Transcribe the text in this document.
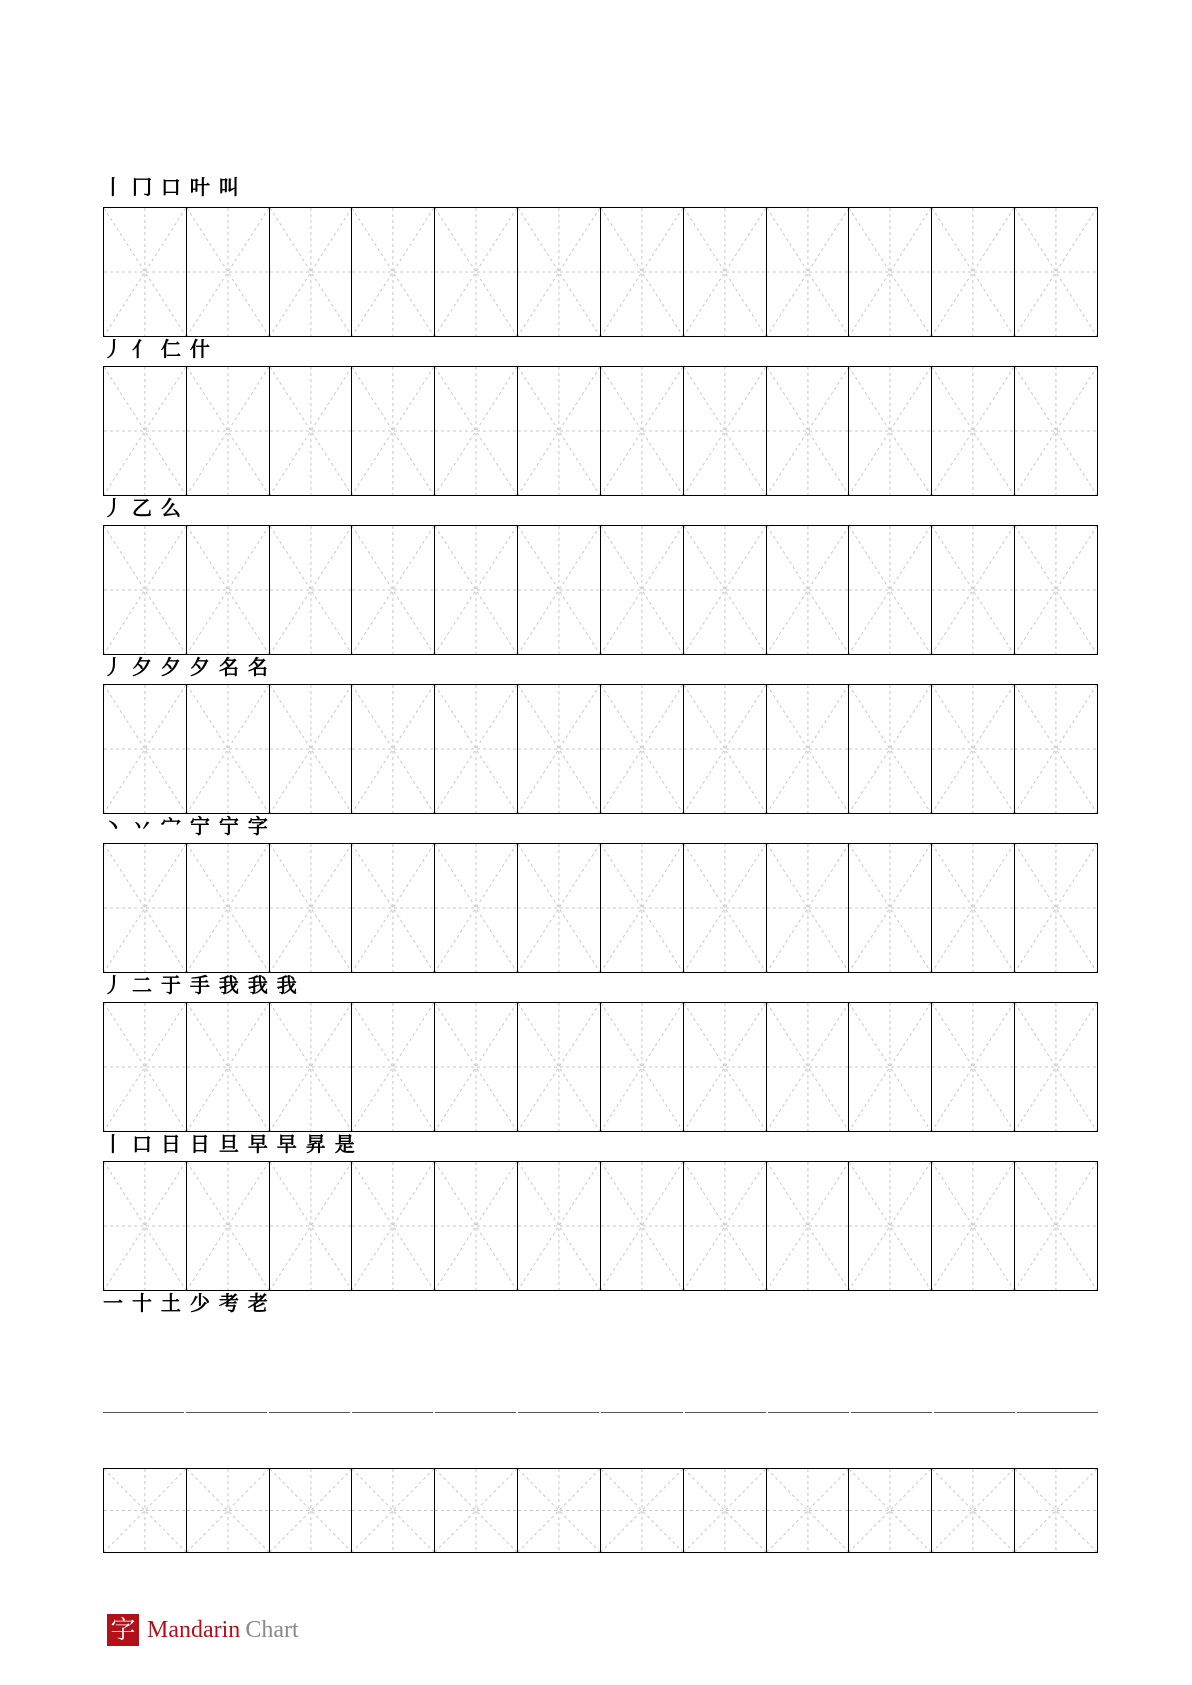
丨 ⼌ 口 叶 叫
丿 亻 仁 什
丿 乙 么
丿 夕 夕 夕 名 名
丶 丷 宀 宁 宁 字
丿 二 于 手 我 我 我
丨 口 日 日 旦 早 早 昇 是
一 十 土 少 考 老
字 Mandarin Chart
